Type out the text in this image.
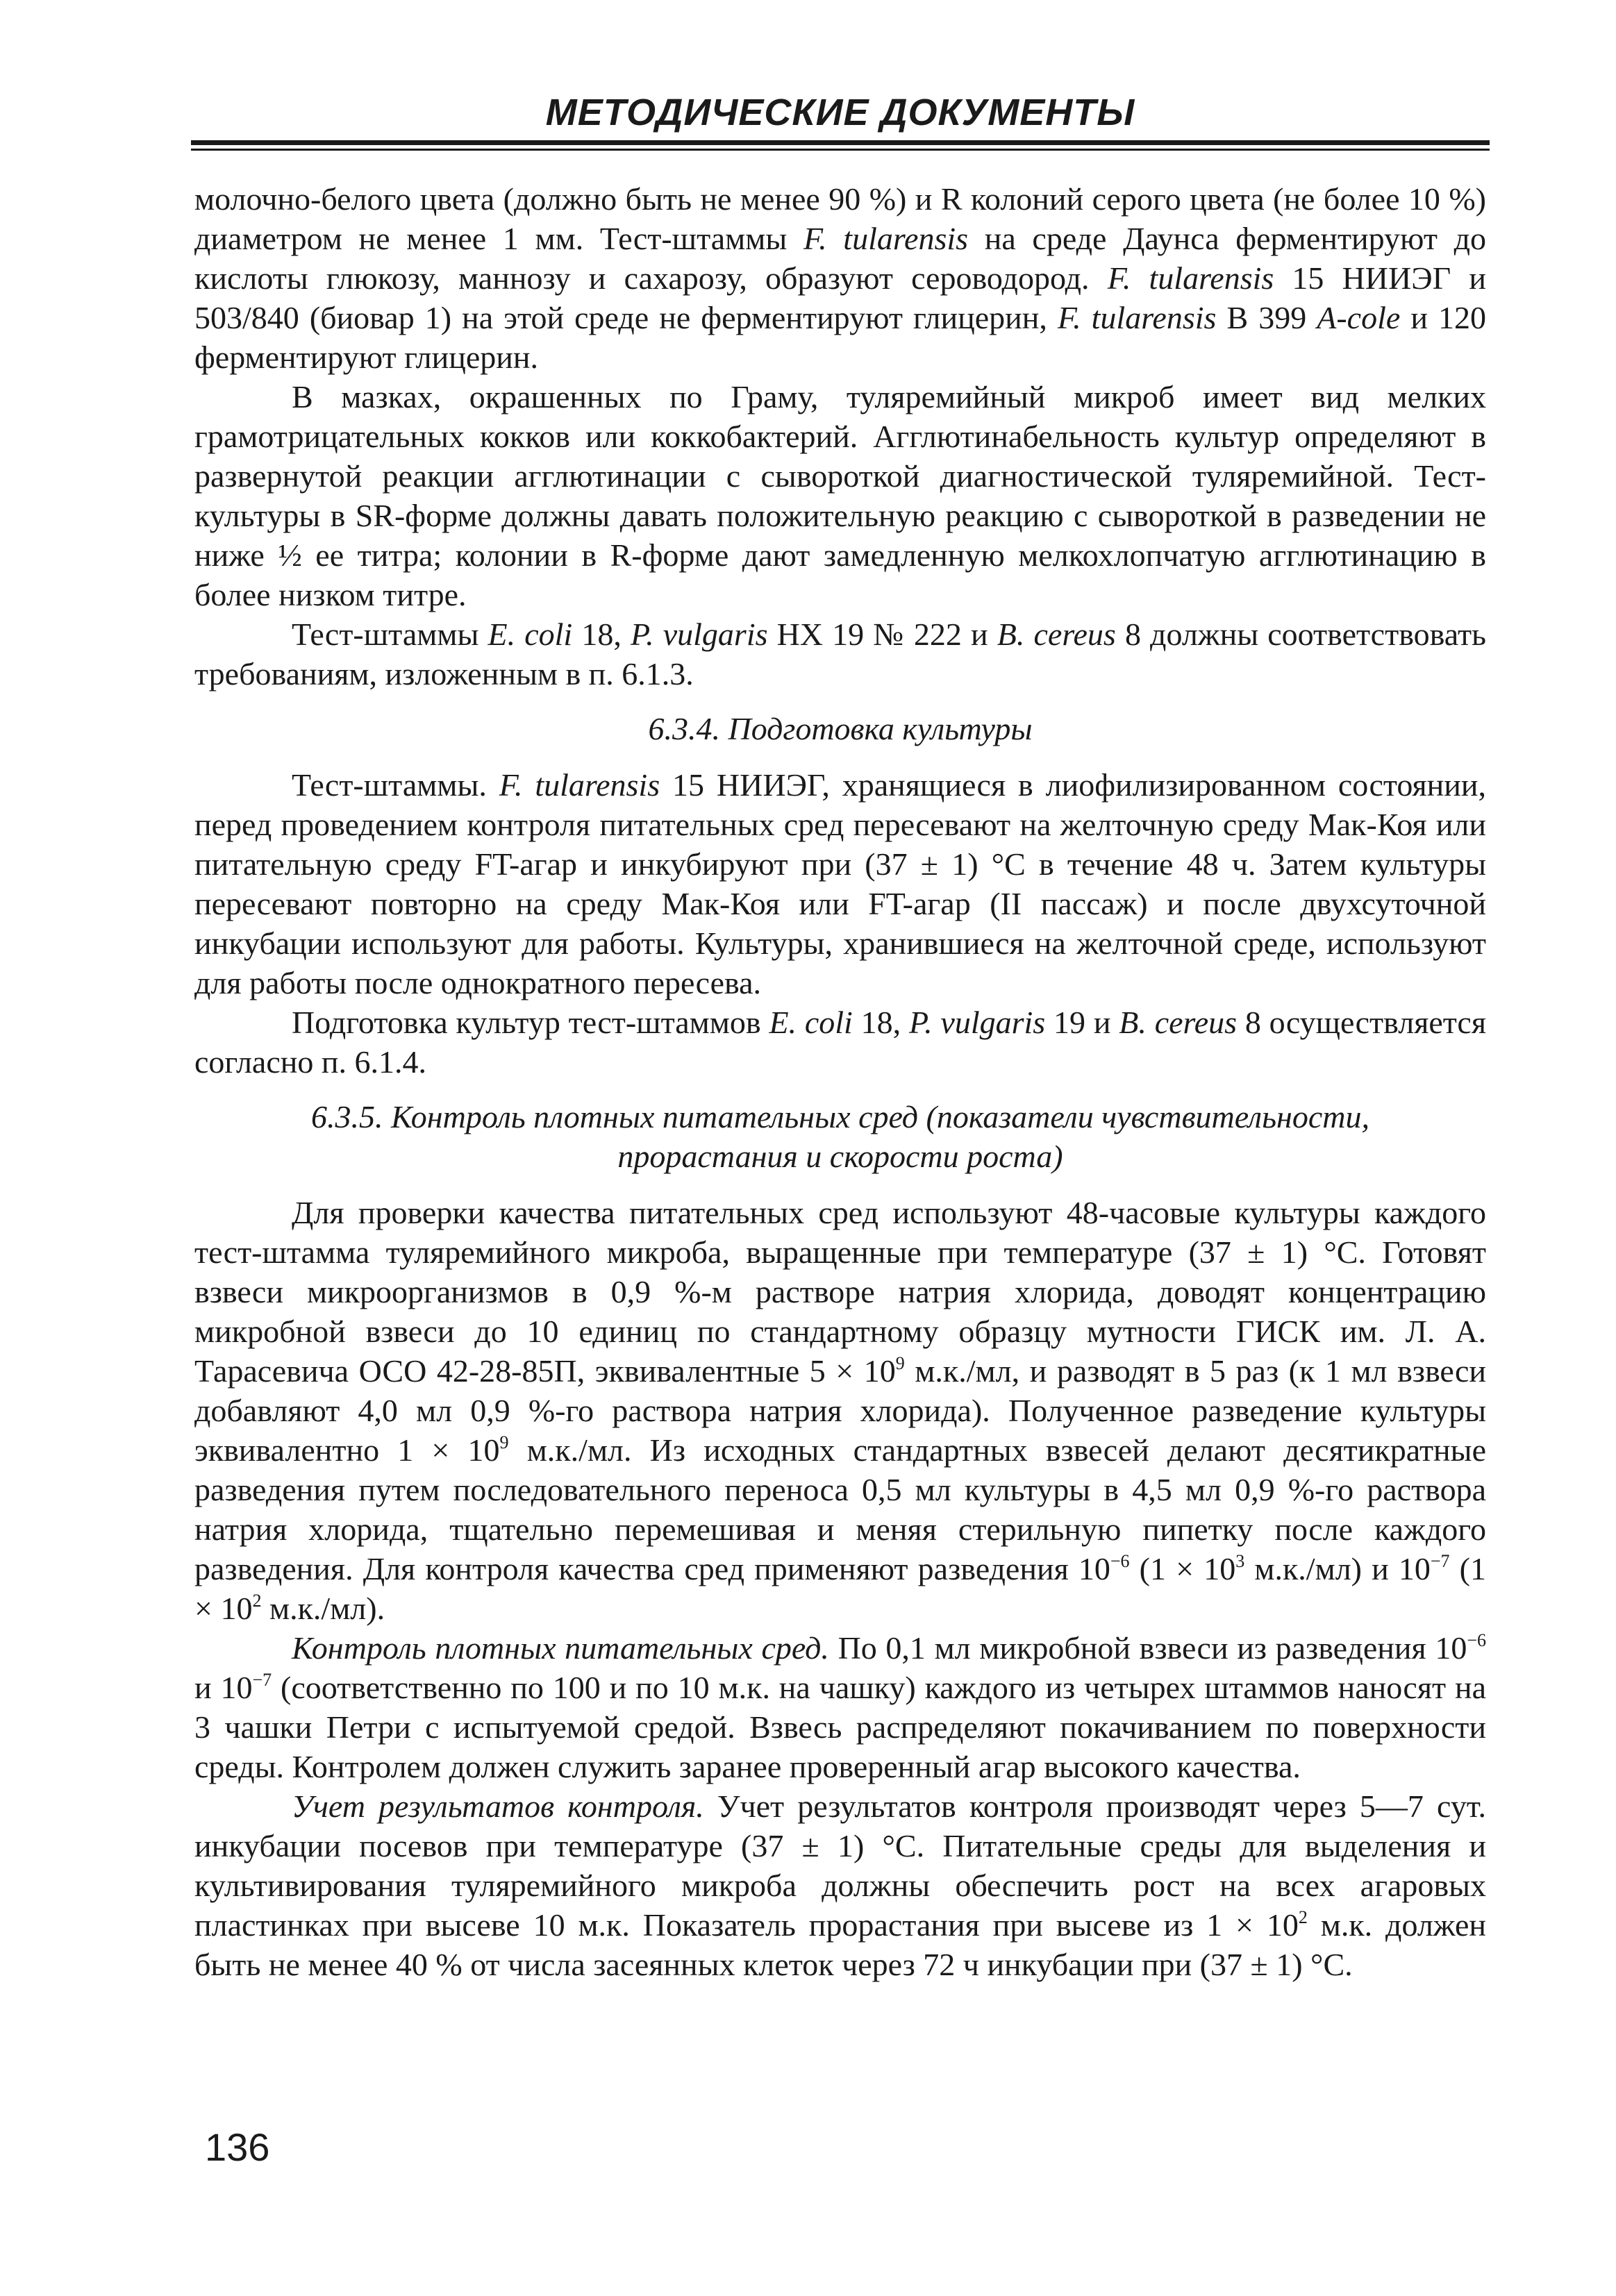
МЕТОДИЧЕСКИЕ ДОКУМЕНТЫ

молочно-белого цвета (должно быть не менее 90 %) и R колоний серого цвета (не более 10 %) диаметром не менее 1 мм. Тест-штаммы F. tularensis на среде Даунса ферментируют до кислоты глюкозу, маннозу и сахарозу, образуют сероводород. F. tularensis 15 НИИЭГ и 503/840 (биовар 1) на этой среде не ферментируют глицерин, F. tularensis В 399 A-cole и 120 ферментируют глицерин.

В мазках, окрашенных по Граму, туляремийный микроб имеет вид мелких грамотрицательных кокков или коккобактерий. Агглютинабельность культур определяют в развернутой реакции агглютинации с сывороткой диагностической туляремийной. Тест-культуры в SR-форме должны давать положительную реакцию с сывороткой в разведении не ниже ½ ее титра; колонии в R-форме дают замедленную мелкохлопчатую агглютинацию в более низком титре.

Тест-штаммы E. coli 18, P. vulgaris НХ 19 № 222 и B. cereus 8 должны соответствовать требованиям, изложенным в п. 6.1.3.

6.3.4. Подготовка культуры

Тест-штаммы. F. tularensis 15 НИИЭГ, хранящиеся в лиофилизированном состоянии, перед проведением контроля питательных сред пересевают на желточную среду Мак-Коя или питательную среду FT-агар и инкубируют при (37 ± 1) °C в течение 48 ч. Затем культуры пересевают повторно на среду Мак-Коя или FT-агар (II пассаж) и после двухсуточной инкубации используют для работы. Культуры, хранившиеся на желточной среде, используют для работы после однократного пересева.

Подготовка культур тест-штаммов E. coli 18, P. vulgaris 19 и B. cereus 8 осуществляется согласно п. 6.1.4.

6.3.5. Контроль плотных питательных сред (показатели чувствительности,
прорастания и скорости роста)

Для проверки качества питательных сред используют 48-часовые культуры каждого тест-штамма туляремийного микроба, выращенные при температуре (37 ± 1) °C. Готовят взвеси микроорганизмов в 0,9 %-м растворе натрия хлорида, доводят концентрацию микробной взвеси до 10 единиц по стандартному образцу мутности ГИСК им. Л. А. Тарасевича ОСО 42-28-85П, эквивалентные $5 \times 10^9$ м.к./мл, и разводят в 5 раз (к 1 мл взвеси добавляют 4,0 мл 0,9 %-го раствора натрия хлорида). Полученное разведение культуры эквивалентно $1 \times 10^9$ м.к./мл. Из исходных стандартных взвесей делают десятикратные разведения путем последовательного переноса 0,5 мл культуры в 4,5 мл 0,9 %-го раствора натрия хлорида, тщательно перемешивая и меняя стерильную пипетку после каждого разведения. Для контроля качества сред применяют разведения $10^{-6}$ ($1 \times 10^3$ м.к./мл) и $10^{-7}$ ($1 \times 10^2$ м.к./мл).

Контроль плотных питательных сред. По 0,1 мл микробной взвеси из разведения $10^{-6}$ и $10^{-7}$ (соответственно по 100 и по 10 м.к. на чашку) каждого из четырех штаммов наносят на 3 чашки Петри с испытуемой средой. Взвесь распределяют покачиванием по поверхности среды. Контролем должен служить заранее проверенный агар высокого качества.

Учет результатов контроля. Учет результатов контроля производят через 5—7 сут. инкубации посевов при температуре (37 ± 1) °C. Питательные среды для выделения и культивирования туляремийного микроба должны обеспечить рост на всех агаровых пластинках при высеве 10 м.к. Показатель прорастания при высеве из $1 \times 10^2$ м.к. должен быть не менее 40 % от числа засеянных клеток через 72 ч инкубации при (37 ± 1) °C.

136
